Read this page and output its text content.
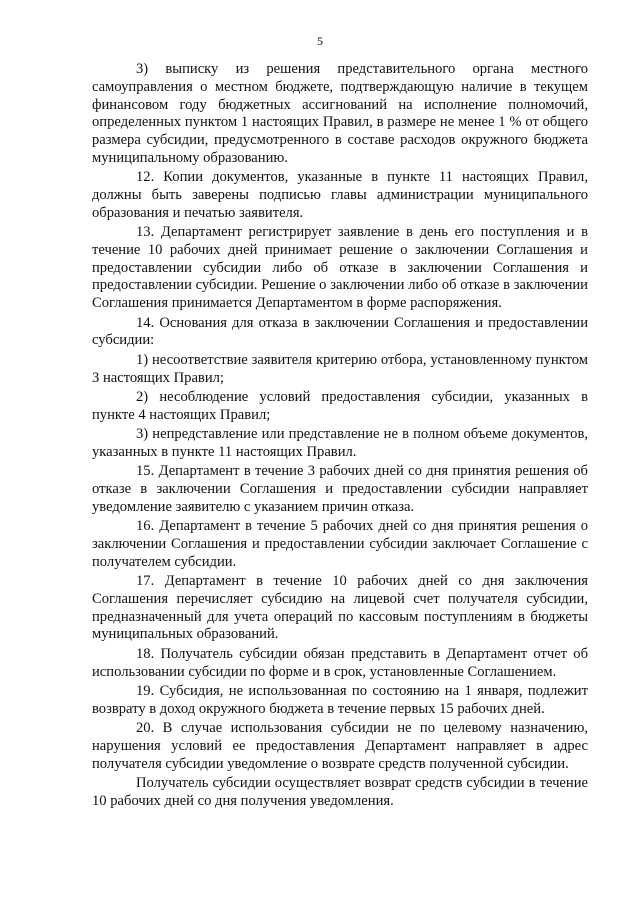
5

3) выписку из решения представительного органа местного самоуправления о местном бюджете, подтверждающую наличие в текущем финансовом году бюджетных ассигнований на исполнение полномочий, определенных пунктом 1 настоящих Правил, в размере не менее 1 % от общего размера субсидии, предусмотренного в составе расходов окружного бюджета муниципальному образованию.

12. Копии документов, указанные в пункте 11 настоящих Правил, должны быть заверены подписью главы администрации муниципального образования и печатью заявителя.

13. Департамент регистрирует заявление в день его поступления и в течение 10 рабочих дней принимает решение о заключении Соглашения и предоставлении субсидии либо об отказе в заключении Соглашения и предоставлении субсидии. Решение о заключении либо об отказе в заключении Соглашения принимается Департаментом в форме распоряжения.

14. Основания для отказа в заключении Соглашения и предоставлении субсидии:

1) несоответствие заявителя критерию отбора, установленному пунктом 3 настоящих Правил;

2) несоблюдение условий предоставления субсидии, указанных в пункте 4 настоящих Правил;

3) непредставление или представление не в полном объеме документов, указанных в пункте 11 настоящих Правил.

15. Департамент в течение 3 рабочих дней со дня принятия решения об отказе в заключении Соглашения и предоставлении субсидии направляет уведомление заявителю с указанием причин отказа.

16. Департамент в течение 5 рабочих дней со дня принятия решения о заключении Соглашения и предоставлении субсидии заключает Соглашение с получателем субсидии.

17. Департамент в течение 10 рабочих дней со дня заключения Соглашения перечисляет субсидию на лицевой счет получателя субсидии, предназначенный для учета операций по кассовым поступлениям в бюджеты муниципальных образований.

18. Получатель субсидии обязан представить в Департамент отчет об использовании субсидии по форме и в срок, установленные Соглашением.

19. Субсидия, не использованная по состоянию на 1 января, подлежит возврату в доход окружного бюджета в течение первых 15 рабочих дней.

20. В случае использования субсидии не по целевому назначению, нарушения условий ее предоставления Департамент направляет в адрес получателя субсидии уведомление о возврате средств полученной субсидии.

Получатель субсидии осуществляет возврат средств субсидии в течение 10 рабочих дней со дня получения уведомления.
